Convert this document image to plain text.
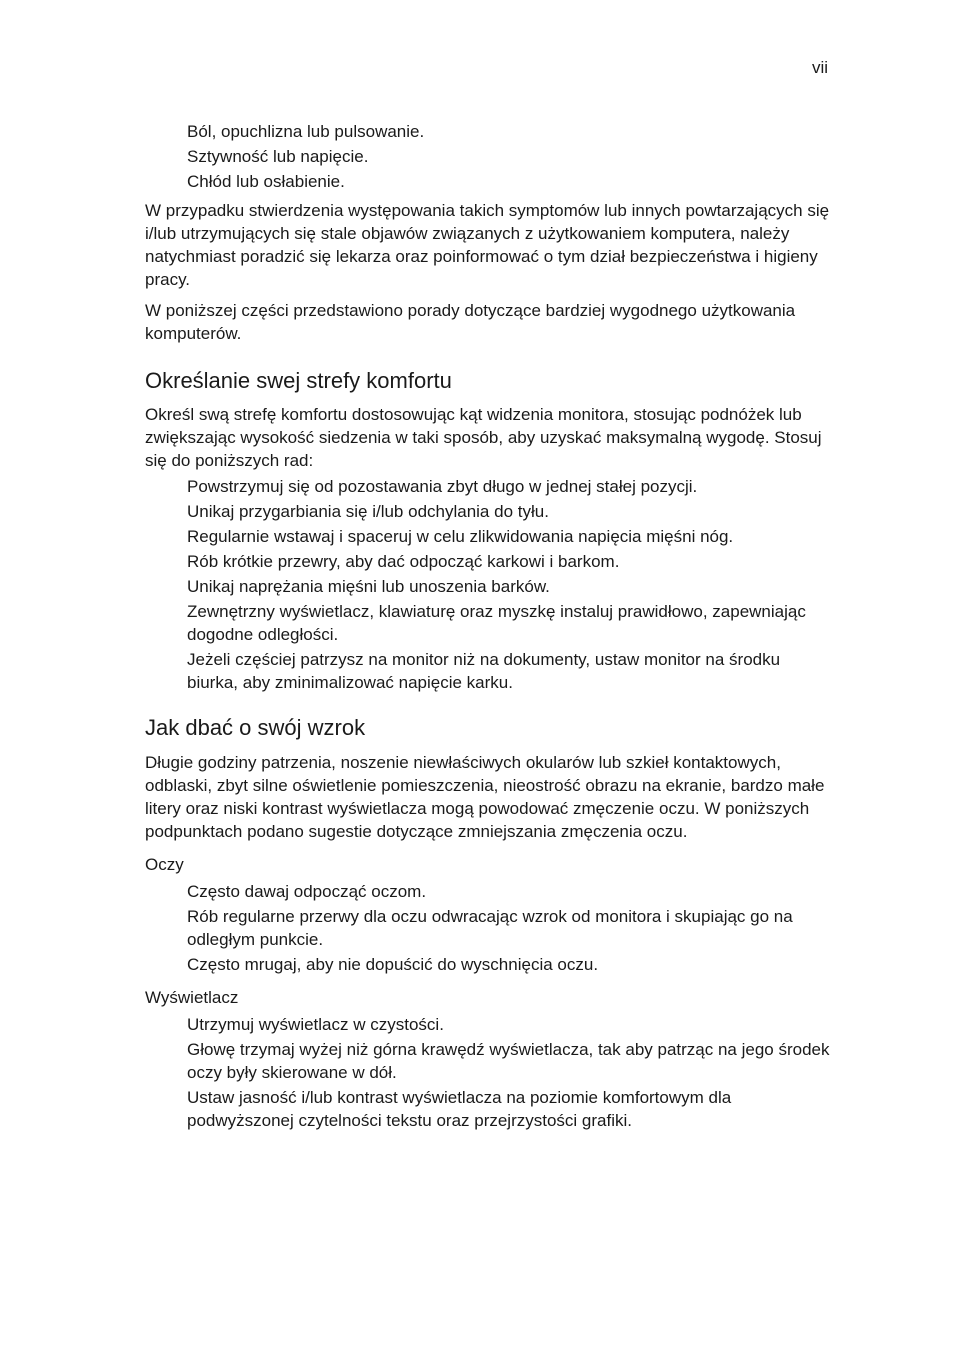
vii
Ból, opuchlizna lub pulsowanie.
Sztywność lub napięcie.
Chłód lub osłabienie.

W przypadku stwierdzenia występowania takich symptomów lub innych powtarzających się i/lub utrzymujących się stale objawów związanych z użytkowaniem komputera, należy natychmiast poradzić się lekarza oraz poinformować o tym dział bezpieczeństwa i higieny pracy.

W poniższej części przedstawiono porady dotyczące bardziej wygodnego użytkowania komputerów.

Określanie swej strefy komfortu

Określ swą strefę komfortu dostosowując kąt widzenia monitora, stosując podnóżek lub zwiększając wysokość siedzenia w taki sposób, aby uzyskać maksymalną wygodę. Stosuj się do poniższych rad:

Powstrzymuj się od pozostawania zbyt długo w jednej stałej pozycji.
Unikaj przygarbiania się i/lub odchylania do tyłu.
Regularnie wstawaj i spaceruj w celu zlikwidowania napięcia mięśni nóg.
Rób krótkie przewry, aby dać odpocząć karkowi i barkom.
Unikaj naprężania mięśni lub unoszenia barków.
Zewnętrzny wyświetlacz, klawiaturę oraz myszkę instaluj prawidłowo, zapewniając dogodne odległości.
Jeżeli częściej patrzysz na monitor niż na dokumenty, ustaw monitor na środku biurka, aby zminimalizować napięcie karku.
Jak dbać o swój wzrok

Długie godziny patrzenia, noszenie niewłaściwych okularów lub szkieł kontaktowych, odblaski, zbyt silne oświetlenie pomieszczenia, nieostrość obrazu na ekranie, bardzo małe litery oraz niski kontrast wyświetlacza mogą powodować zmęczenie oczu. W poniższych podpunktach podano sugestie dotyczące zmniejszania zmęczenia oczu.

Oczy

Często dawaj odpocząć oczom.
Rób regularne przerwy dla oczu odwracając wzrok od monitora i skupiając go na odległym punkcie.
Często mrugaj, aby nie dopuścić do wyschnięcia oczu.

Wyświetlacz

Utrzymuj wyświetlacz w czystości.
Głowę trzymaj wyżej niż górna krawędź wyświetlacza, tak aby patrząc na jego środek oczy były skierowane w dół.
Ustaw jasność i/lub kontrast wyświetlacza na poziomie komfortowym dla podwyższonej czytelności tekstu oraz przejrzystości grafiki.
